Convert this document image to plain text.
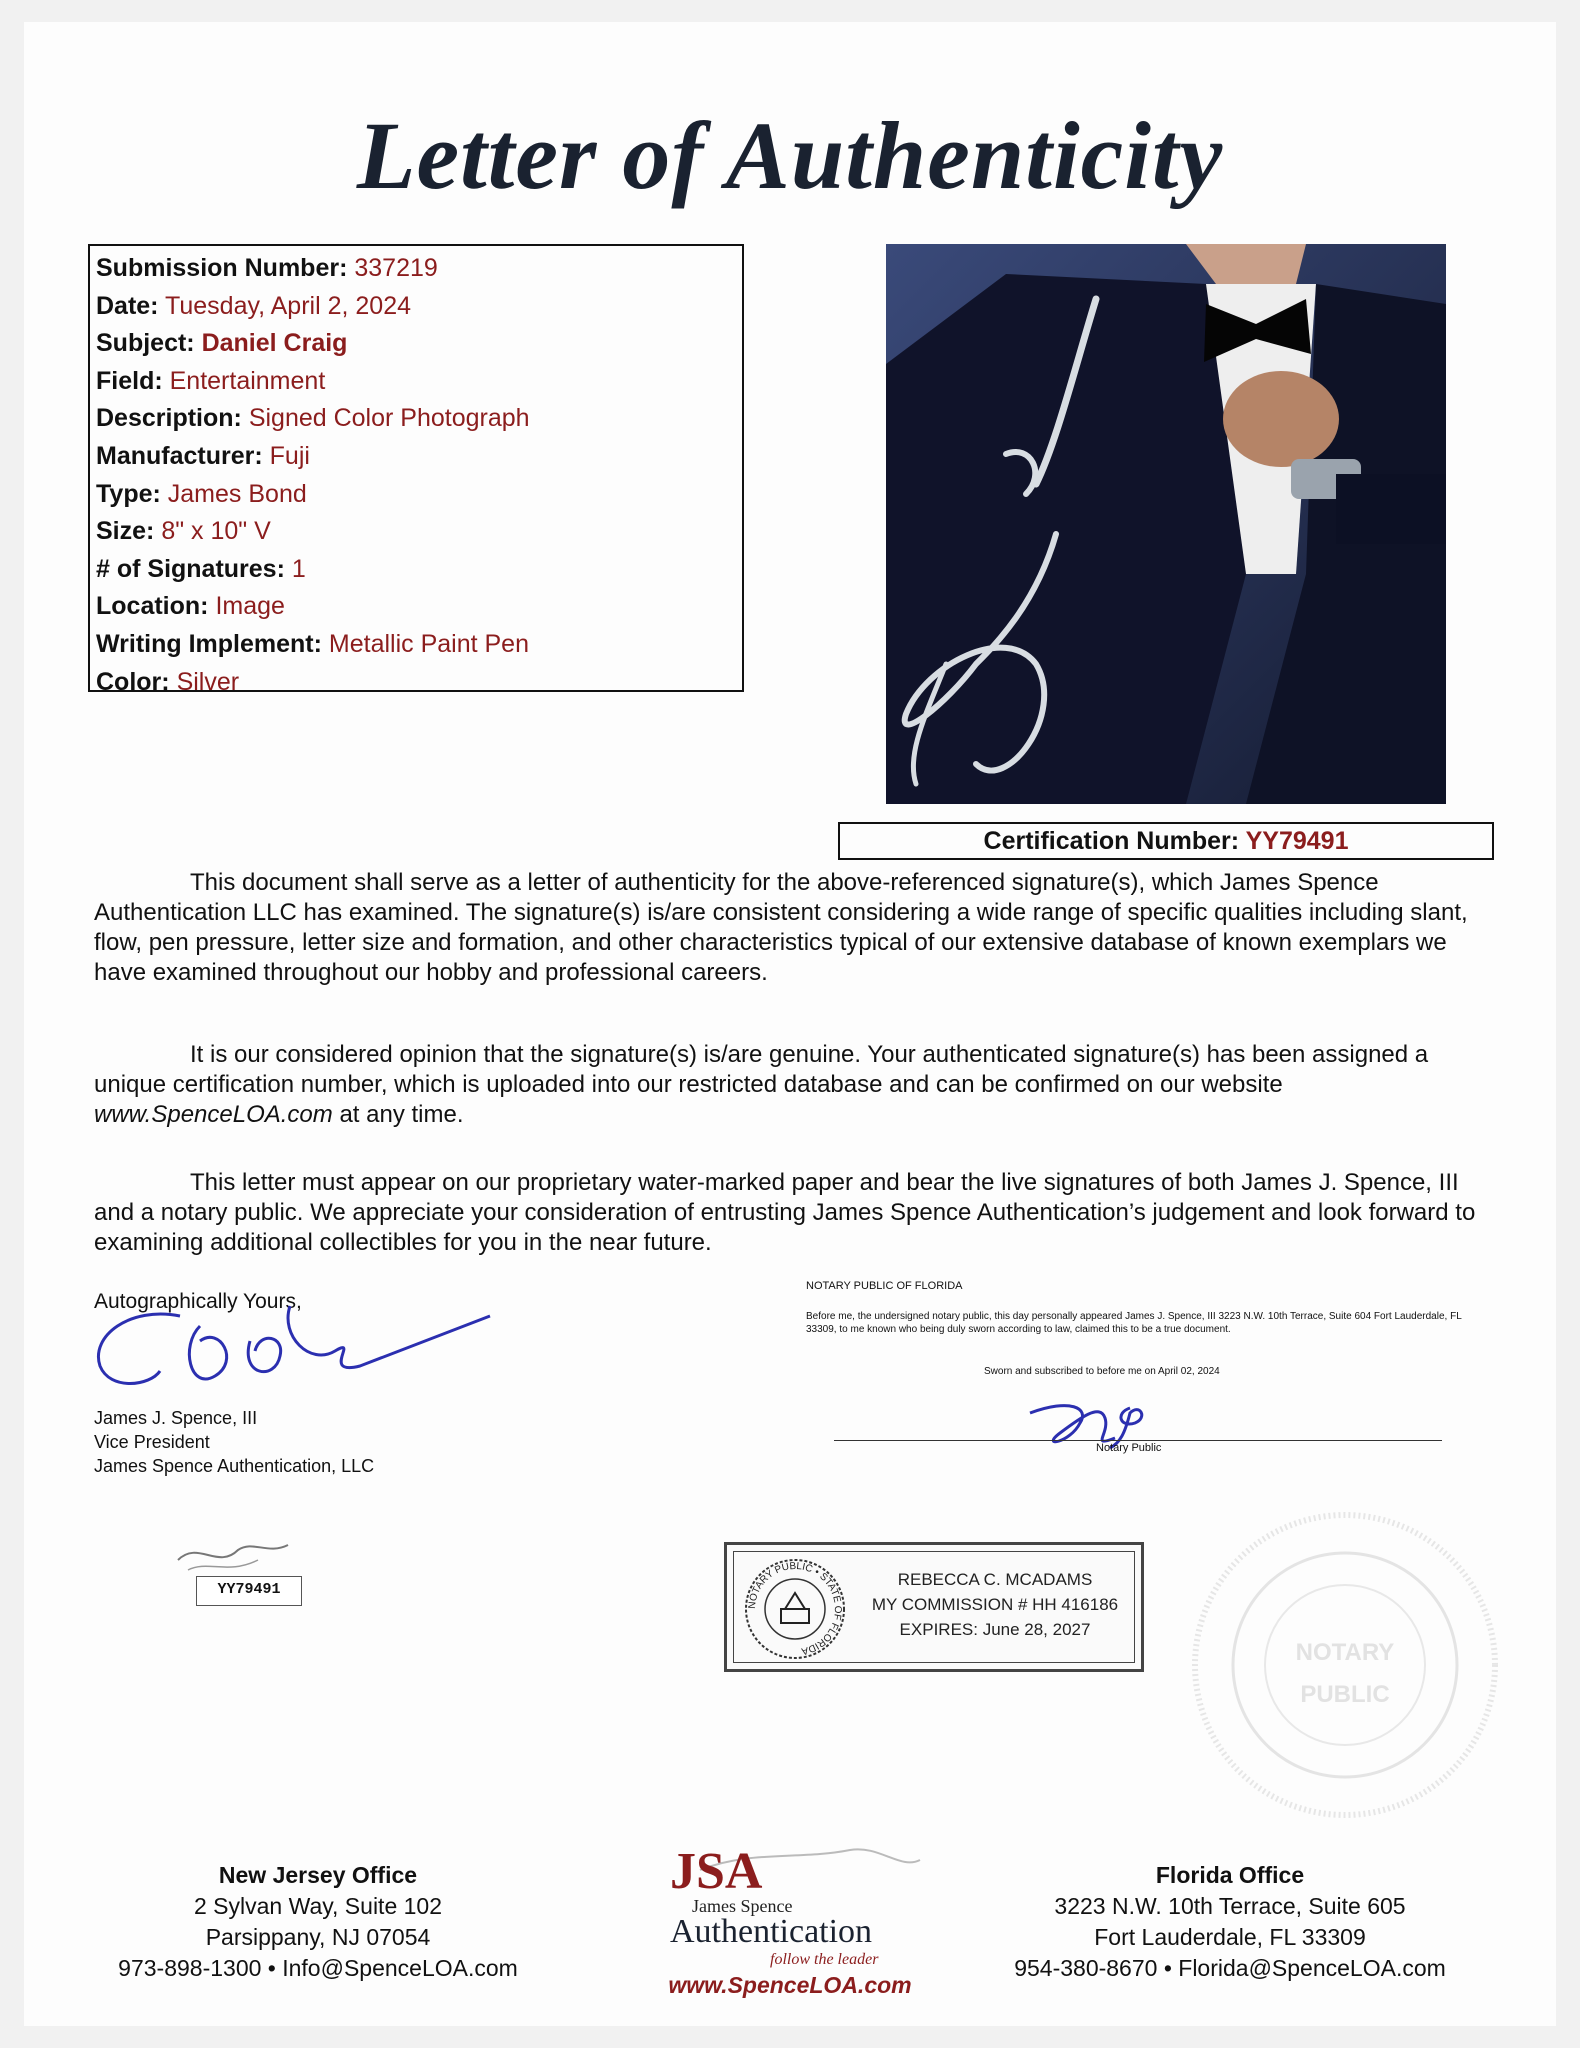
Letter of Authenticity
Submission Number: 337219
Date: Tuesday, April 2, 2024
Subject: Daniel Craig
Field: Entertainment
Description: Signed Color Photograph
Manufacturer: Fuji
Type: James Bond
Size: 8" x 10" V
# of Signatures: 1
Location: Image
Writing Implement: Metallic Paint Pen
Color: Silver
Certification Number: YY79491
This document shall serve as a letter of authenticity for the above-referenced signature(s), which James Spence Authentication LLC has examined. The signature(s) is/are consistent considering a wide range of specific qualities including slant, flow, pen pressure, letter size and formation, and other characteristics typical of our extensive database of known exemplars we have examined throughout our hobby and professional careers.
It is our considered opinion that the signature(s) is/are genuine. Your authenticated signature(s) has been assigned a unique certification number, which is uploaded into our restricted database and can be confirmed on our website www.SpenceLOA.com at any time.
This letter must appear on our proprietary water-marked paper and bear the live signatures of both James J. Spence, III and a notary public. We appreciate your consideration of entrusting James Spence Authentication’s judgement and look forward to examining additional collectibles for you in the near future.
Autographically Yours,
James J. Spence, III
Vice President
James Spence Authentication, LLC
NOTARY PUBLIC OF FLORIDA
Before me, the undersigned notary public, this day personally appeared James J. Spence, III 3223 N.W. 10th Terrace, Suite 604 Fort Lauderdale, FL 33309, to me known who being duly sworn according to law, claimed this to be a true document.
Sworn and subscribed to before me on April 02, 2024
Notary Public
YY79491
NOTARY PUBLIC • STATE OF FLORIDA
REBECCA C. MCADAMS
MY COMMISSION # HH 416186
EXPIRES: June 28, 2027
NOTARY
PUBLIC
New Jersey Office
2 Sylvan Way, Suite 102
Parsippany, NJ 07054
973-898-1300 • Info@SpenceLOA.com
JSA
James Spence
Authentication
follow the leader
www.SpenceLOA.com
Florida Office
3223 N.W. 10th Terrace, Suite 605
Fort Lauderdale, FL 33309
954-380-8670 • Florida@SpenceLOA.com
